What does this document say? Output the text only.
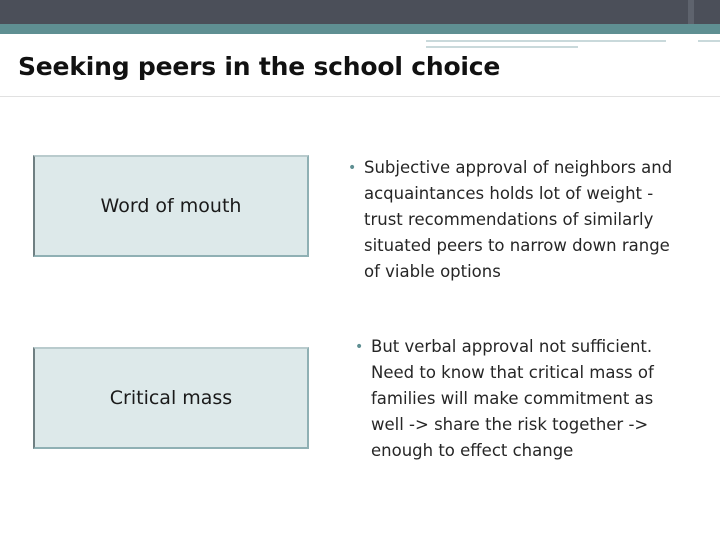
Seeking peers in the school choice
Word of mouth
• Subjective approval of neighbors and acquaintances holds lot of weight - trust recommendations of similarly situated peers to narrow down range of viable options
Critical mass
• But verbal approval not sufficient. Need to know that critical mass of families will make commitment as well -> share the risk together -> enough to effect change
